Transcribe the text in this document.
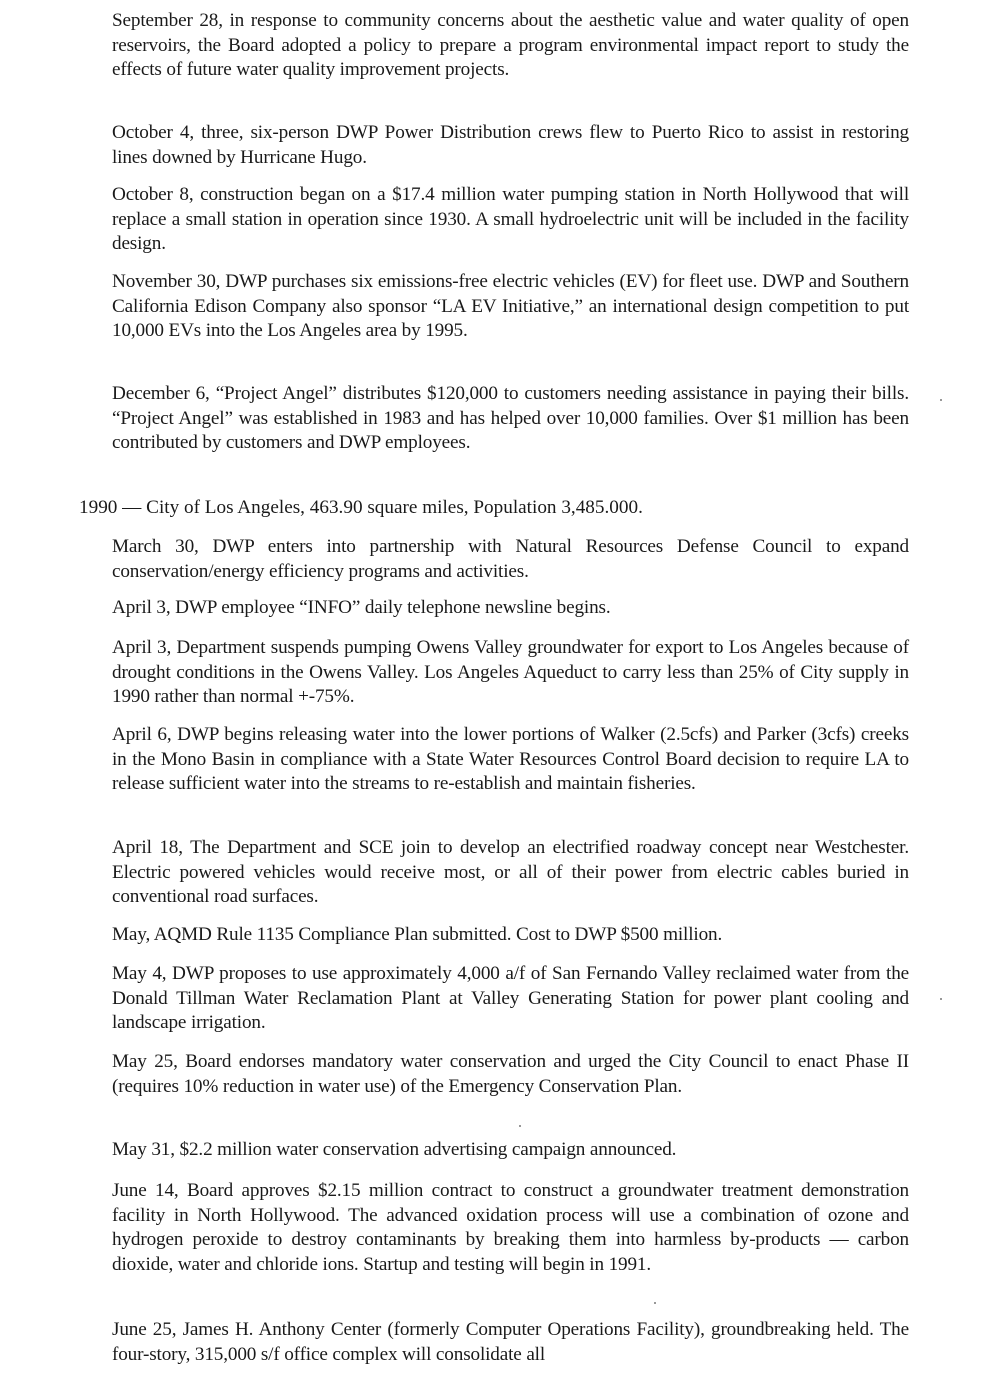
September 28, in response to community concerns about the aesthetic value and water quality of open reservoirs, the Board adopted a policy to prepare a program environmental impact report to study the effects of future water quality improvement projects.

October 4, three, six-person DWP Power Distribution crews flew to Puerto Rico to assist in restoring lines downed by Hurricane Hugo.

October 8, construction began on a $17.4 million water pumping station in North Hollywood that will replace a small station in operation since 1930. A small hydroelectric unit will be included in the facility design.

November 30, DWP purchases six emissions-free electric vehicles (EV) for fleet use. DWP and Southern California Edison Company also sponsor “LA EV Initiative,” an international design competition to put 10,000 EVs into the Los Angeles area by 1995.

December 6, “Project Angel” distributes $120,000 to customers needing assistance in paying their bills. “Project Angel” was established in 1983 and has helped over 10,000 families. Over $1 million has been contributed by customers and DWP employees.

1990 — City of Los Angeles, 463.90 square miles, Population 3,485.000.

March 30, DWP enters into partnership with Natural Resources Defense Council to expand conservation/energy efficiency programs and activities.

April 3, DWP employee “INFO” daily telephone newsline begins.

April 3, Department suspends pumping Owens Valley groundwater for export to Los Angeles because of drought conditions in the Owens Valley. Los Angeles Aqueduct to carry less than 25% of City supply in 1990 rather than normal +-75%.

April 6, DWP begins releasing water into the lower portions of Walker (2.5cfs) and Parker (3cfs) creeks in the Mono Basin in compliance with a State Water Resources Control Board decision to require LA to release sufficient water into the streams to re-establish and maintain fisheries.

April 18, The Department and SCE join to develop an electrified roadway concept near Westchester. Electric powered vehicles would receive most, or all of their power from electric cables buried in conventional road surfaces.

May, AQMD Rule 1135 Compliance Plan submitted. Cost to DWP $500 million.

May 4, DWP proposes to use approximately 4,000 a/f of San Fernando Valley reclaimed water from the Donald Tillman Water Reclamation Plant at Valley Generating Station for power plant cooling and landscape irrigation.

May 25, Board endorses mandatory water conservation and urged the City Council to enact Phase II (requires 10% reduction in water use) of the Emergency Conservation Plan.

May 31, $2.2 million water conservation advertising campaign announced.

June 14, Board approves $2.15 million contract to construct a groundwater treatment demonstration facility in North Hollywood. The advanced oxidation process will use a combination of ozone and hydrogen peroxide to destroy contaminants by breaking them into harmless by-products — carbon dioxide, water and chloride ions. Startup and testing will begin in 1991.

June 25, James H. Anthony Center (formerly Computer Operations Facility), groundbreaking held. The four-story, 315,000 s/f office complex will consolidate all
